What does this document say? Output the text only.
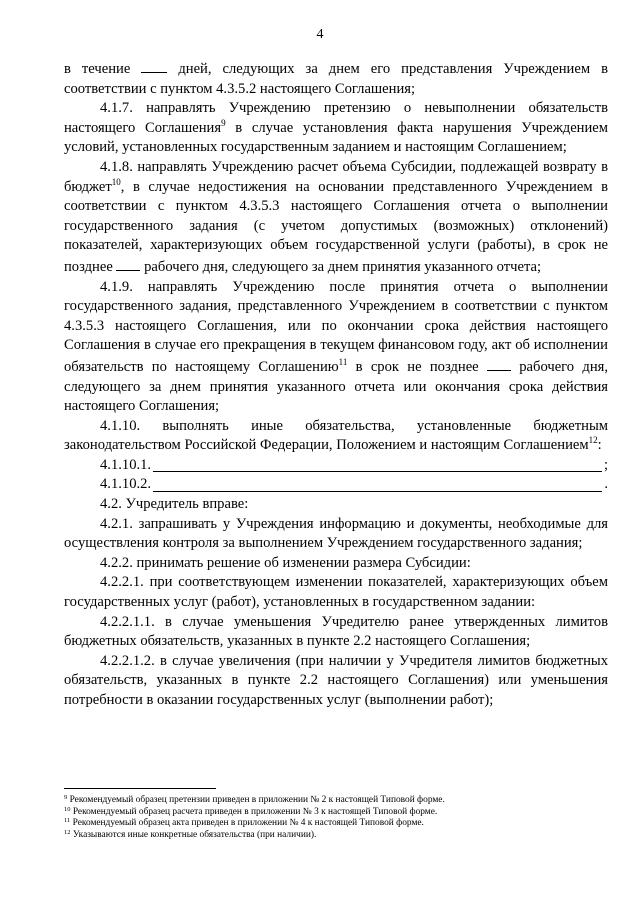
4

в течение	дней, следующих за днем его представления Учреждением в соответствии с пунктом 4.3.5.2 настоящего Соглашения;

4.1.7. направлять Учреждению претензию о невыполнении обязательств настоящего Соглашения$^9$ в случае установления факта нарушения Учреждением условий, установленных государственным заданием и настоящим Соглашением;

4.1.8. направлять Учреждению расчет объема Субсидии, подлежащей возврату в бюджет$^{10}$, в случае недостижения на основании представленного Учреждением в соответствии с пунктом 4.3.5.3 настоящего Соглашения отчета о выполнении государственного задания (с учетом допустимых (возможных) отклонений) показателей, характеризующих объем государственной услуги (работы), в срок не позднее рабочего дня, следующего за днем принятия указанного отчета;

4.1.9. направлять Учреждению после принятия отчета о выполнении государственного задания, представленного Учреждением в соответствии с пунктом 4.3.5.3 настоящего Соглашения, или по окончании срока действия настоящего Соглашения в случае его прекращения в текущем финансовом году, акт об исполнении обязательств по настоящему Соглашению$^{11}$ в срок не позднее	рабочего дня, следующего за днем принятия указанного отчета или окончания срока действия настоящего Соглашения;

4.1.10. выполнять иные обязательства, установленные бюджетным законодательством Российской Федерации, Положением и настоящим Соглашением$^{12}$:

4.1.10.1.	;

4.1.10.2.	.

4.2. Учредитель вправе:

4.2.1. запрашивать у Учреждения информацию и документы, необходимые для осуществления контроля за выполнением Учреждением государственного задания;

4.2.2. принимать решение об изменении размера Субсидии:

4.2.2.1. при соответствующем изменении показателей, характеризующих объем государственных услуг (работ), установленных в государственном задании:

4.2.2.1.1. в случае уменьшения Учредителю ранее утвержденных лимитов бюджетных обязательств, указанных в пункте 2.2 настоящего Соглашения;

4.2.2.1.2. в случае увеличения (при наличии у Учредителя лимитов бюджетных обязательств, указанных в пункте 2.2 настоящего Соглашения) или уменьшения потребности в оказании государственных услуг (выполнении работ);

$^9$ Рекомендуемый образец претензии приведен в приложении № 2 к настоящей Типовой форме.

$^{10}$ Рекомендуемый образец расчета приведен в приложении № 3 к настоящей Типовой форме.

$^{11}$ Рекомендуемый образец акта приведен в приложении № 4 к настоящей Типовой форме.

$^{12}$ Указываются иные конкретные обязательства (при наличии).
